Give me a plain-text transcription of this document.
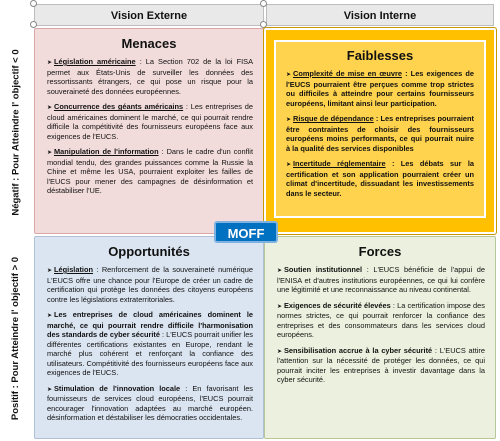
Vision Externe	Vision Interne
Négatif : Pour Atteindre l' objectif < 0
Positif : Pour Atteindre l' objectif > 0
Menaces

➤ Législation américaine : La Section 702 de la loi FISA permet aux États-Unis de surveiller les données des ressortissants étrangers, ce qui pose un risque pour la souveraineté des données européennes.

➤ Concurrence des géants américains : Les entreprises de cloud américaines dominent le marché, ce qui pourrait rendre difficile la compétitivité des fournisseurs européens face aux exigences de l'EUCS.

➤ Manipulation de l'information : Dans le cadre d'un conflit mondial tendu, des grandes puissances comme la Russie la Chine et même les USA, pourraient exploiter les failles de l'EUCS pour mener des campagnes de désinformation et déstabiliser l'UE.

Faiblesses

➤ Complexité de mise en œuvre : Les exigences de l'EUCS pourraient être perçues comme trop strictes ou difficiles à atteindre pour certains fournisseurs européens, limitant ainsi leur participation.

➤ Risque de dépendance : Les entreprises pourraient être contraintes de choisir des fournisseurs européens moins performants, ce qui pourrait nuire à la qualité des services disponibles

➤ Incertitude réglementaire : Les débats sur la certification et son application pourraient créer un climat d'incertitude, dissuadant les investissements dans le secteur.

Opportunités

➤ Législation : Renforcement de la souveraineté numérique L'EUCS offre une chance pour l'Europe de créer un cadre de certification qui protège les données des citoyens européens contre les législations extraterritoriales.

➤ Les entreprises de cloud américaines dominent le marché, ce qui pourrait rendre difficile l'harmonisation des standards de cyber sécurité : L'EUCS pourrait unifier les différentes certifications existantes en Europe, rendant le marché plus cohérent et renforçant la confiance des utilisateurs. Compétitivité des fournisseurs européens face aux exigences de l'EUCS.

➤ Stimulation de l'innovation locale : En favorisant les fournisseurs de services cloud européens, l'EUCS pourrait encourager l'innovation adaptées au marché européen. désinformation et déstabiliser les démocraties occidentales.

Forces

➤ Soutien institutionnel : L'EUCS bénéficie de l'appui de l'ENISA et d'autres institutions européennes, ce qui lui confère une légitimité et une reconnaissance au niveau continental.

➤ Exigences de sécurité élevées : La certification impose des normes strictes, ce qui pourrait renforcer la confiance des entreprises et des consommateurs dans les services cloud européens.

➤ Sensibilisation accrue à la cyber sécurité : L'EUCS attire l'attention sur la nécessité de protéger les données, ce qui pourrait inciter les entreprises à investir davantage dans la cyber sécurité.

MOFF
